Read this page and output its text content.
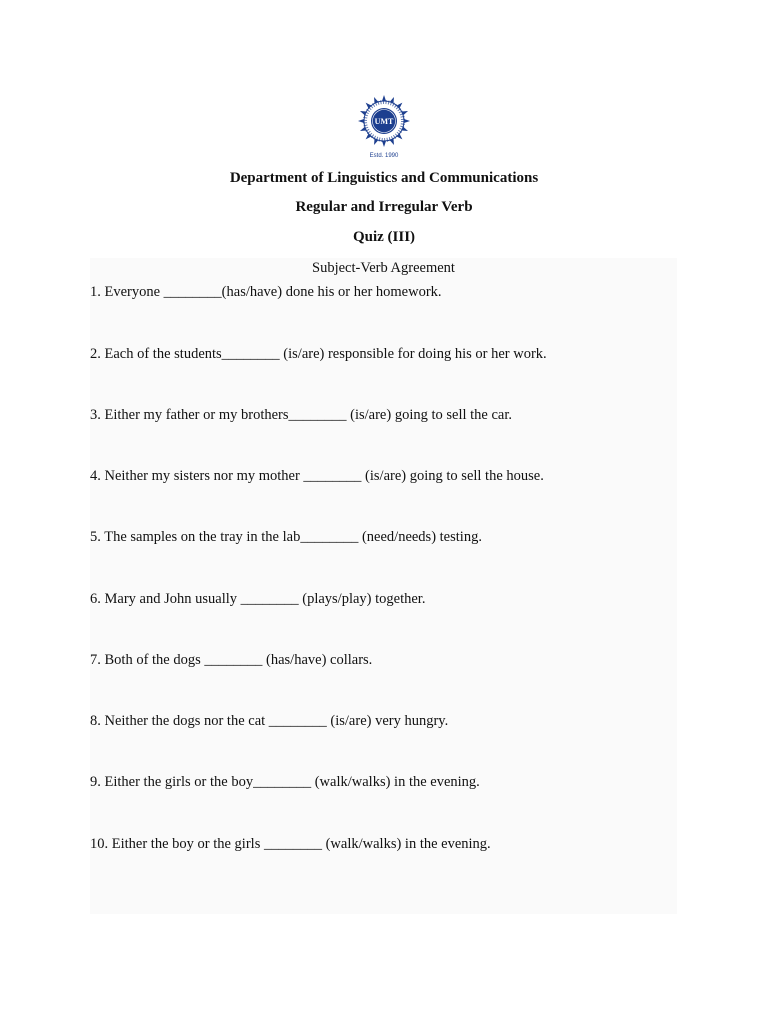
UMT
Estd. 1990

Department of Linguistics and Communications

Regular and Irregular Verb

Quiz (III)

Subject-Verb Agreement
1. Everyone ________(has/have) done his or her homework.
2. Each of the students________ (is/are) responsible for doing his or her work.
3. Either my father or my brothers________ (is/are) going to sell the car.
4. Neither my sisters nor my mother ________ (is/are) going to sell the house.
5. The samples on the tray in the lab________ (need/needs) testing.
6. Mary and John usually ________ (plays/play) together.
7. Both of the dogs ________ (has/have) collars.
8. Neither the dogs nor the cat ________ (is/are) very hungry.
9. Either the girls or the boy________ (walk/walks) in the evening.
10. Either the boy or the girls ________ (walk/walks) in the evening.
